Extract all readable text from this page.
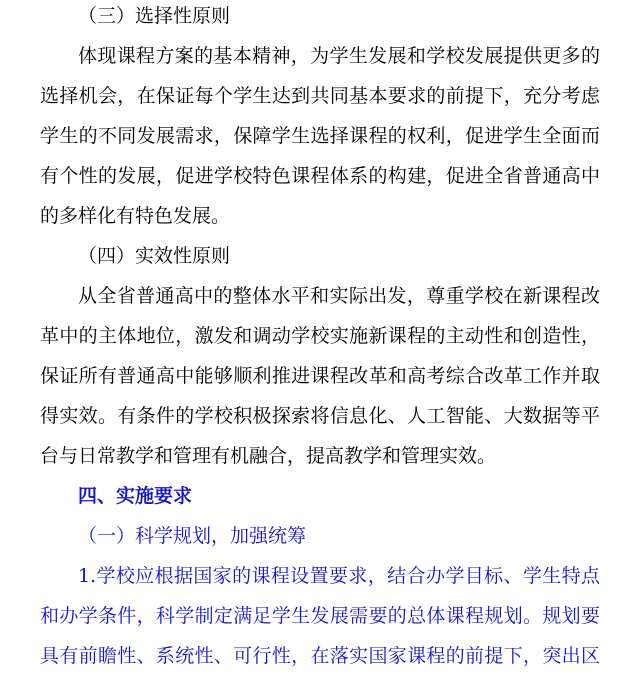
（三）选择性原则
体现课程方案的基本精神，为学生发展和学校发展提供更多的
选择机会，在保证每个学生达到共同基本要求的前提下，充分考虑
学生的不同发展需求，保障学生选择课程的权利，促进学生全面而
有个性的发展，促进学校特色课程体系的构建，促进全省普通高中
的多样化有特色发展。
（四）实效性原则
从全省普通高中的整体水平和实际出发，尊重学校在新课程改
革中的主体地位，激发和调动学校实施新课程的主动性和创造性，
保证所有普通高中能够顺利推进课程改革和高考综合改革工作并取
得实效。有条件的学校积极探索将信息化、人工智能、大数据等平
台与日常教学和管理有机融合，提高教学和管理实效。
四、实施要求
（一）科学规划，加强统筹
1.学校应根据国家的课程设置要求，结合办学目标、学生特点
和办学条件，科学制定满足学生发展需要的总体课程规划。规划要
具有前瞻性、系统性、可行性，在落实国家课程的前提下，突出区
